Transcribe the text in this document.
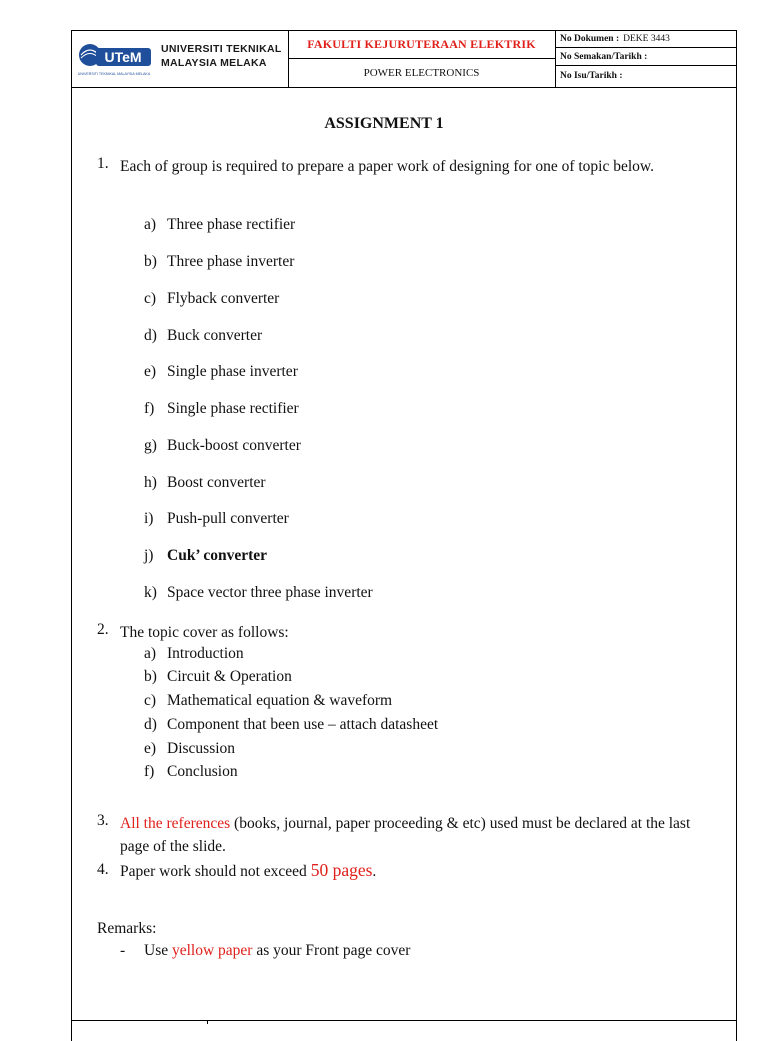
UTeM
UNIVERSITI TEKNIKAL MALAYSIA MELAKA
UNIVERSITI TEKNIKAL
MALAYSIA MELAKA
FAKULTI KEJURUTERAAN ELEKTRIK
POWER ELECTRONICS
No Dokumen : DEKE 3443
No Semakan/Tarikh :
No Isu/Tarikh :
ASSIGNMENT 1
1. Each of group is required to prepare a paper work of designing for one of topic below.
a) Three phase rectifier
b) Three phase inverter
c) Flyback converter
d) Buck converter
e) Single phase inverter
f) Single phase rectifier
g) Buck-boost converter
h) Boost converter
i) Push-pull converter
j) Cuk’ converter
k) Space vector three phase inverter
2. The topic cover as follows:
a) Introduction
b) Circuit & Operation
c) Mathematical equation & waveform
d) Component that been use – attach datasheet
e) Discussion
f) Conclusion
3. All the references (books, journal, paper proceeding & etc) used must be declared at the last page of the slide.
4. Paper work should not exceed 50 pages.
Remarks:
- Use yellow paper as your Front page cover
